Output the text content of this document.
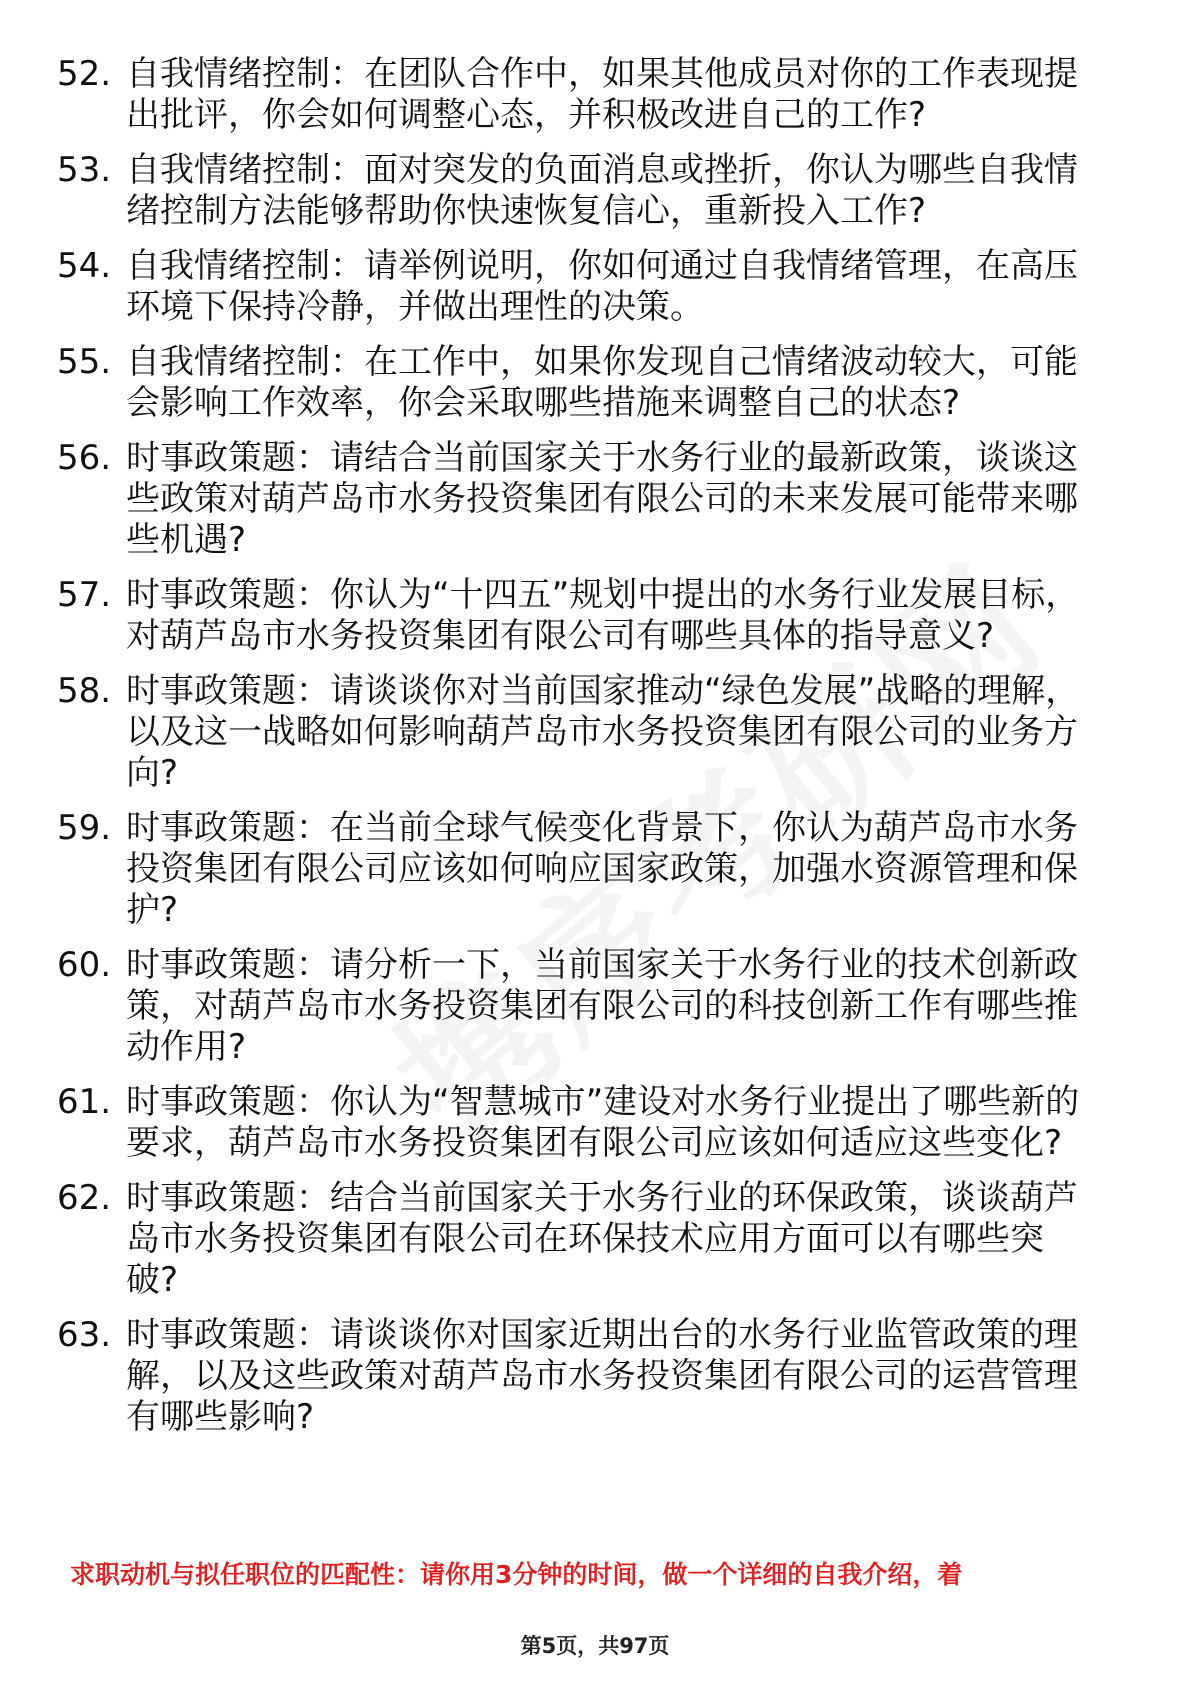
52. 自我情绪控制：在团队合作中，如果其他成员对你的工作表现提出批评，你会如何调整心态，并积极改进自己的工作?
53. 自我情绪控制：面对突发的负面消息或挫折，你认为哪些自我情绪控制方法能够帮助你快速恢复信心，重新投入工作?
54. 自我情绪控制：请举例说明，你如何通过自我情绪管理，在高压环境下保持冷静，并做出理性的决策。
55. 自我情绪控制：在工作中，如果你发现自己情绪波动较大，可能会影响工作效率，你会采取哪些措施来调整自己的状态?
56. 时事政策题：请结合当前国家关于水务行业的最新政策，谈谈这些政策对葫芦岛市水务投资集团有限公司的未来发展可能带来哪些机遇?
57. 时事政策题：你认为“十四五”规划中提出的水务行业发展目标，对葫芦岛市水务投资集团有限公司有哪些具体的指导意义?
58. 时事政策题：请谈谈你对当前国家推动“绿色发展”战略的理解，以及这一战略如何影响葫芦岛市水务投资集团有限公司的业务方向?
59. 时事政策题：在当前全球气候变化背景下，你认为葫芦岛市水务投资集团有限公司应该如何响应国家政策，加强水资源管理和保护?
60. 时事政策题：请分析一下，当前国家关于水务行业的技术创新政策，对葫芦岛市水务投资集团有限公司的科技创新工作有哪些推动作用?
61. 时事政策题：你认为“智慧城市”建设对水务行业提出了哪些新的要求，葫芦岛市水务投资集团有限公司应该如何适应这些变化?
62. 时事政策题：结合当前国家关于水务行业的环保政策，谈谈葫芦岛市水务投资集团有限公司在环保技术应用方面可以有哪些突破?
63. 时事政策题：请谈谈你对国家近期出台的水务行业监管政策的理解，以及这些政策对葫芦岛市水务投资集团有限公司的运营管理有哪些影响?
求职动机与拟任职位的匹配性：请你用3分钟的时间，做一个详细的自我介绍，着
第5页，共97页
